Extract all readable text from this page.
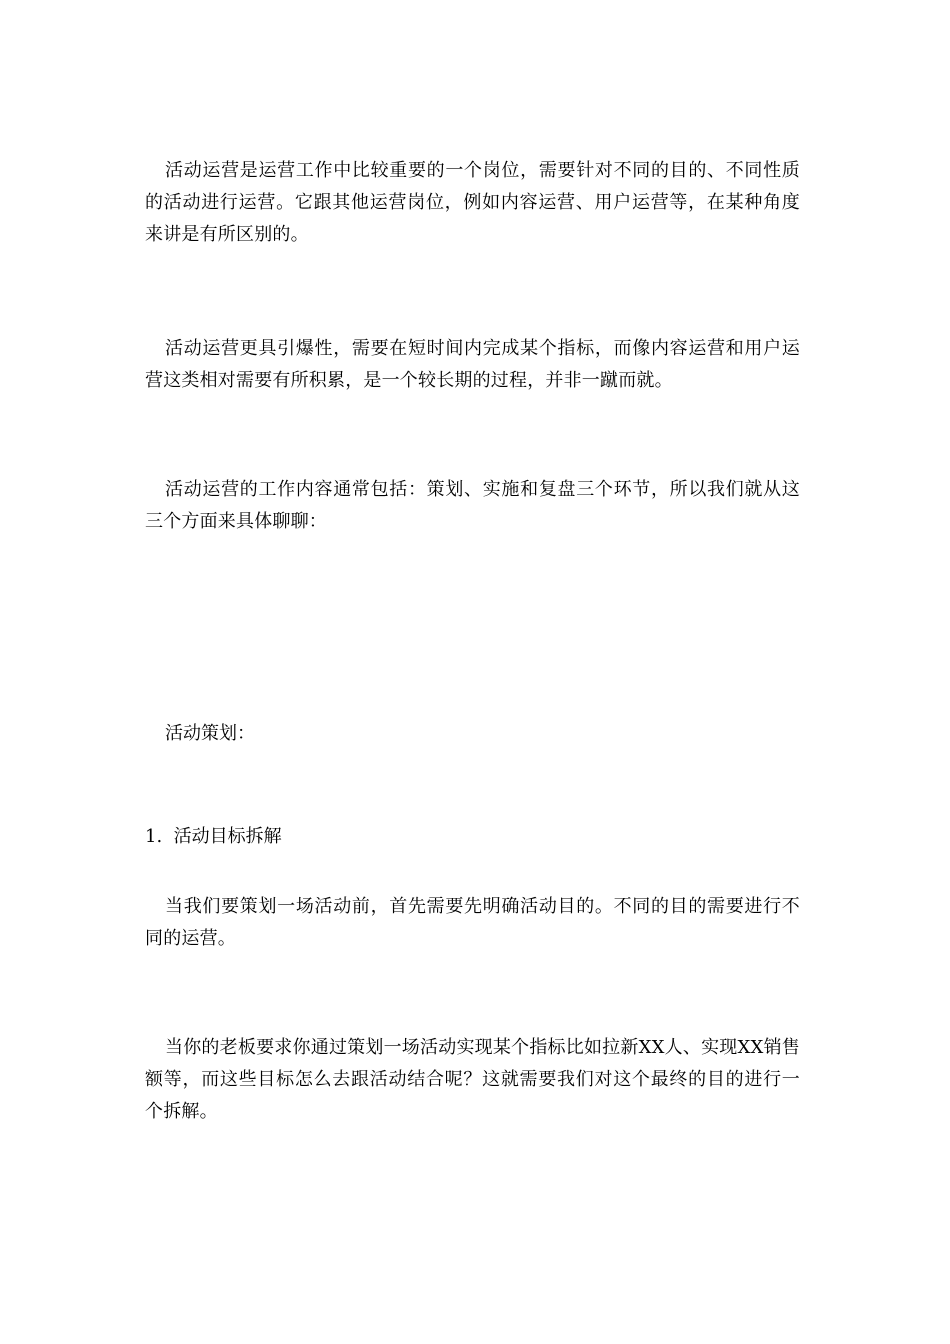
活动运营是运营工作中比较重要的一个岗位，需要针对不同的目的、不同性质的活动进行运营。它跟其他运营岗位，例如内容运营、用户运营等，在某种角度来讲是有所区别的。

活动运营更具引爆性，需要在短时间内完成某个指标，而像内容运营和用户运营这类相对需要有所积累，是一个较长期的过程，并非一蹴而就。

活动运营的工作内容通常包括：策划、实施和复盘三个环节，所以我们就从这三个方面来具体聊聊：

活动策划：
1.  活动目标拆解

当我们要策划一场活动前，首先需要先明确活动目的。不同的目的需要进行不同的运营。

当你的老板要求你通过策划一场活动实现某个指标比如拉新XX人、实现XX销售额等，而这些目标怎么去跟活动结合呢？这就需要我们对这个最终的目的进行一个拆解。
